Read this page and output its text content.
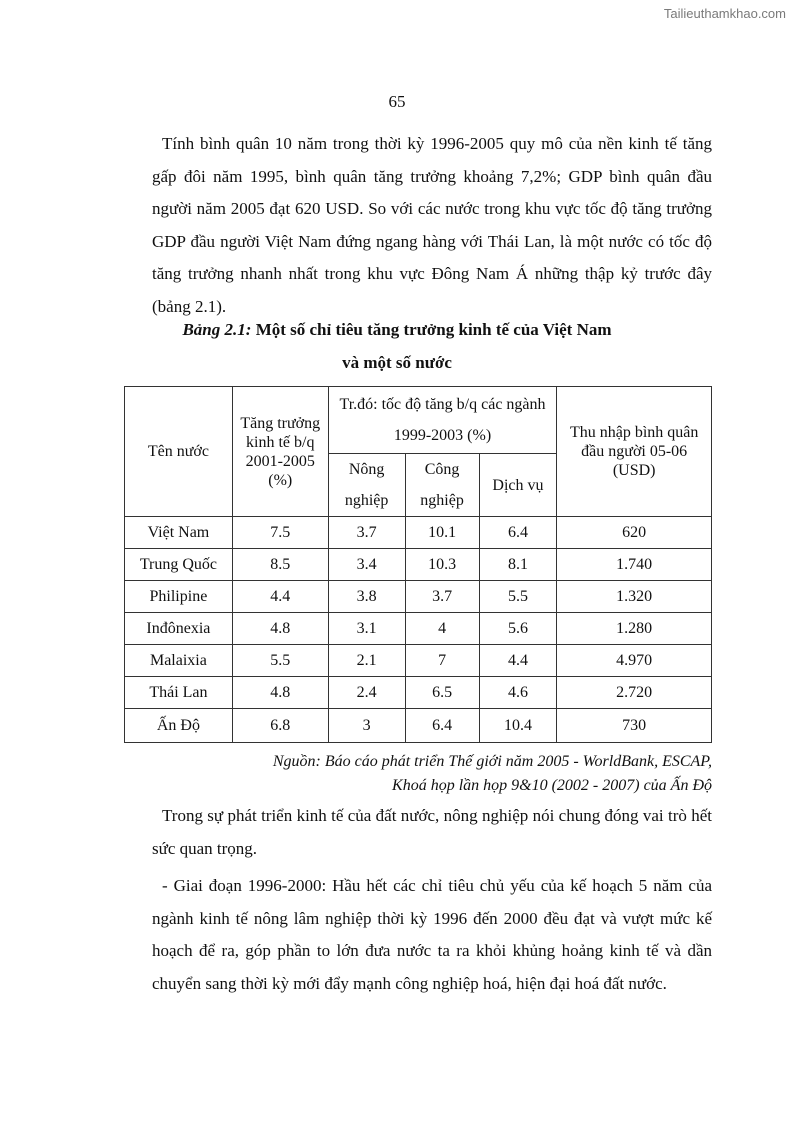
Tailieuthamkhao.com
65
Tính bình quân 10 năm trong thời kỳ 1996-2005 quy mô của nền kinh tế tăng gấp đôi năm 1995, bình quân tăng trưởng khoảng 7,2%; GDP bình quân đầu người năm 2005 đạt 620 USD. So với các nước trong khu vực tốc độ tăng trưởng GDP đầu người Việt Nam đứng ngang hàng với Thái Lan, là một nước có tốc độ tăng trưởng nhanh nhất trong khu vực Đông Nam Á những thập kỷ trước đây (bảng 2.1).
Bảng 2.1: Một số chỉ tiêu tăng trưởng kinh tế của Việt Nam
và một số nước
Tên nước	Tăng trưởng kinh tế b/q 2001-2005 (%)	Tr.đó: tốc độ tăng b/q các ngành 1999-2003 (%)			Thu nhập bình quân đầu người 05-06 (USD)
		Nông nghiệp	Công nghiệp	Dịch vụ	
Việt Nam	7.5	3.7	10.1	6.4	620
Trung Quốc	8.5	3.4	10.3	8.1	1.740
Philipine	4.4	3.8	3.7	5.5	1.320
Inđônexia	4.8	3.1	4	5.6	1.280
Malaixia	5.5	2.1	7	4.4	4.970
Thái Lan	4.8	2.4	6.5	4.6	2.720
Ấn Độ	6.8	3	6.4	10.4	730
Nguồn: Báo cáo phát triển Thế giới năm 2005 - WorldBank, ESCAP,
Khoá họp lần họp 9&10 (2002 - 2007) của Ấn Độ
Trong sự phát triển kinh tế của đất nước, nông nghiệp nói chung đóng vai trò hết sức quan trọng.
- Giai đoạn 1996-2000: Hầu hết các chỉ tiêu chủ yếu của kế hoạch 5 năm của ngành kinh tế nông lâm nghiệp thời kỳ 1996 đến 2000 đều đạt và vượt mức kế hoạch để ra, góp phần to lớn đưa nước ta ra khỏi khủng hoảng kinh tế và dần chuyển sang thời kỳ mới đẩy mạnh công nghiệp hoá, hiện đại hoá đất nước.
